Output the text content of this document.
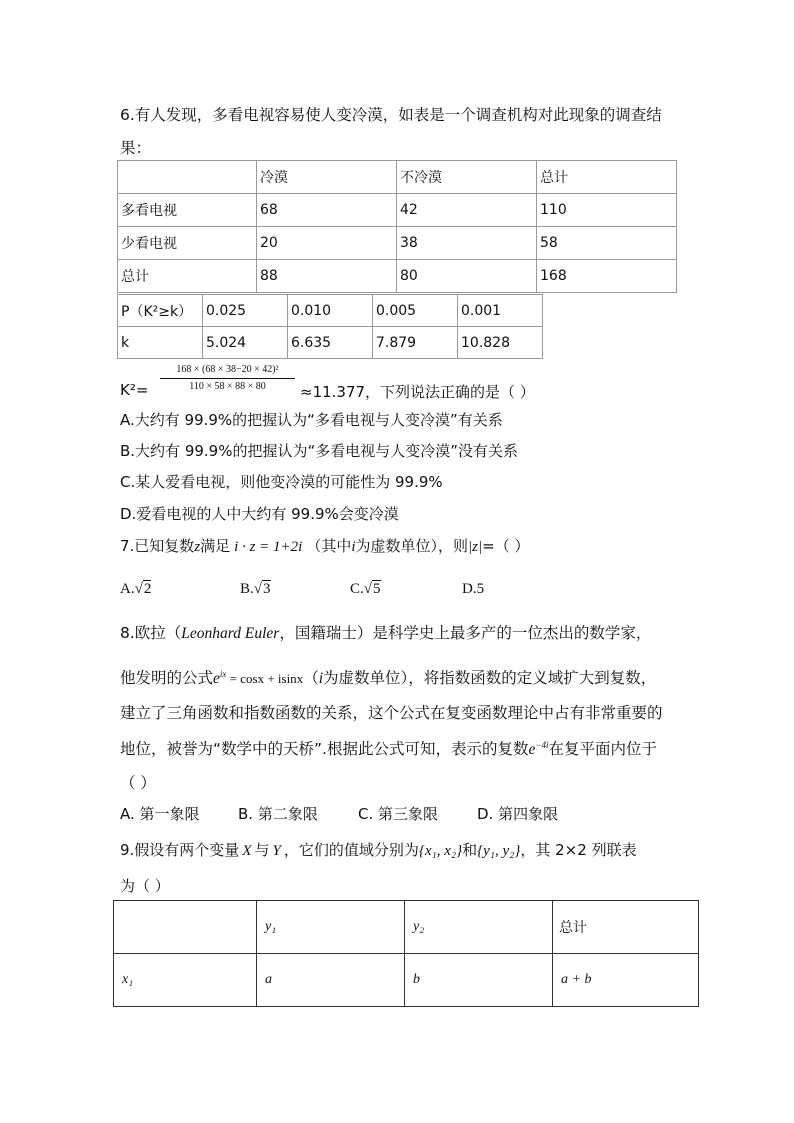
6.有人发现，多看电视容易使人变冷漠，如表是一个调查机构对此现象的调查结
果：
	冷漠	不冷漠	总计
多看电视	68	42	110
少看电视	20	38	58
总计	88	80	168
P（K²≥k）	0.025	0.010	0.005	0.001
k	5.024	6.635	7.879	10.828
K²=
168 × (68 × 38−20 × 42)²
110 × 58 × 88 × 80	≈11.377，下列说法正确的是（ ）
A.大约有 99.9%的把握认为“多看电视与人变冷漠”有关系
B.大约有 99.9%的把握认为“多看电视与人变冷漠”没有关系
C.某人爱看电视，则他变冷漠的可能性为 99.9%
D.爱看电视的人中大约有 99.9%会变冷漠
7.已知复数z满足 i · z = 1+2i （其中i为虚数单位），则|z|=（ ）
A.√2	B.√3	C.√5	D.5
8.欧拉（Leonhard Euler，国籍瑞士）是科学史上最多产的一位杰出的数学家，
他发明的公式$e^{ix} = \cos x + isinx(i$为虚数单位），将指数函数的定义域扩大到复数，
建立了三角函数和指数函数的关系，这个公式在复变函数理论中占有非常重要的
地位，被誉为“数学中的天桥”.根据此公式可知，表示的复数$e^{-4i}$在复平面内位于
（ ）
A. 第一象限	B. 第二象限	C. 第三象限	D. 第四象限
9.假设有两个变量 X 与 Y ，它们的值域分别为{x₁, x₂}和{y₁, y₂}，其 2×2 列联表
为（ ）
	y₁	y₂	总计
x₁	a	b	a + b
